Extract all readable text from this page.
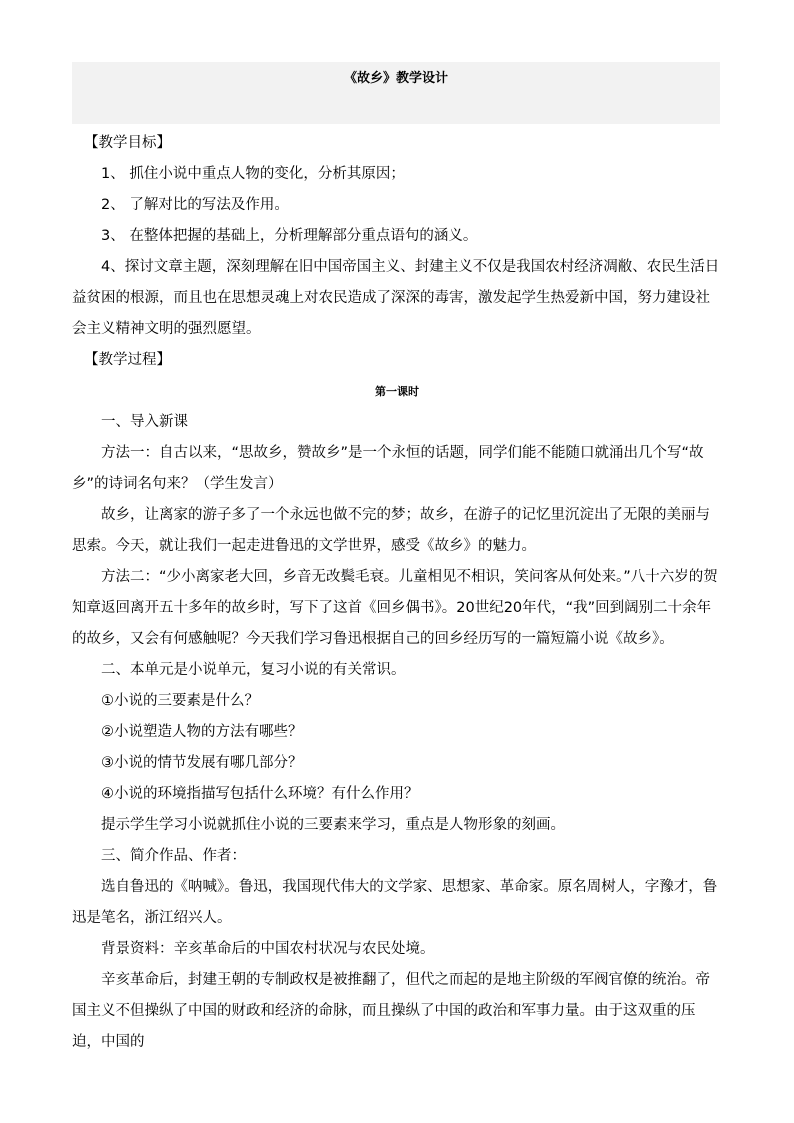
《故乡》教学设计

【教学目标】

1、 抓住小说中重点人物的变化，分析其原因；

2、 了解对比的写法及作用。

3、 在整体把握的基础上，分析理解部分重点语句的涵义。

4、探讨文章主题，深刻理解在旧中国帝国主义、封建主义不仅是我国农村经济凋敝、农民生活日益贫困的根源，而且也在思想灵魂上对农民造成了深深的毒害，激发起学生热爱新中国，努力建设社会主义精神文明的强烈愿望。

【教学过程】

第一课时

一、导入新课

方法一：自古以来，“思故乡，赞故乡”是一个永恒的话题，同学们能不能随口就涌出几个写“故乡”的诗词名句来？（学生发言）

故乡，让离家的游子多了一个永远也做不完的梦；故乡，在游子的记忆里沉淀出了无限的美丽与思索。今天，就让我们一起走进鲁迅的文学世界，感受《故乡》的魅力。

方法二：“少小离家老大回，乡音无改鬓毛衰。儿童相见不相识，笑问客从何处来。”八十六岁的贺知章返回离开五十多年的故乡时，写下了这首《回乡偶书》。20世纪20年代，“我”回到阔别二十余年的故乡，又会有何感触呢？今天我们学习鲁迅根据自己的回乡经历写的一篇短篇小说《故乡》。

二、本单元是小说单元，复习小说的有关常识。

①小说的三要素是什么？

②小说塑造人物的方法有哪些？

③小说的情节发展有哪几部分？

④小说的环境指描写包括什么环境？有什么作用？

提示学生学习小说就抓住小说的三要素来学习，重点是人物形象的刻画。

三、简介作品、作者：

选自鲁迅的《呐喊》。鲁迅，我国现代伟大的文学家、思想家、革命家。原名周树人，字豫才，鲁迅是笔名，浙江绍兴人。

背景资料：辛亥革命后的中国农村状况与农民处境。

辛亥革命后，封建王朝的专制政权是被推翻了，但代之而起的是地主阶级的军阀官僚的统治。帝国主义不但操纵了中国的财政和经济的命脉，而且操纵了中国的政治和军事力量。由于这双重的压迫，中国的
